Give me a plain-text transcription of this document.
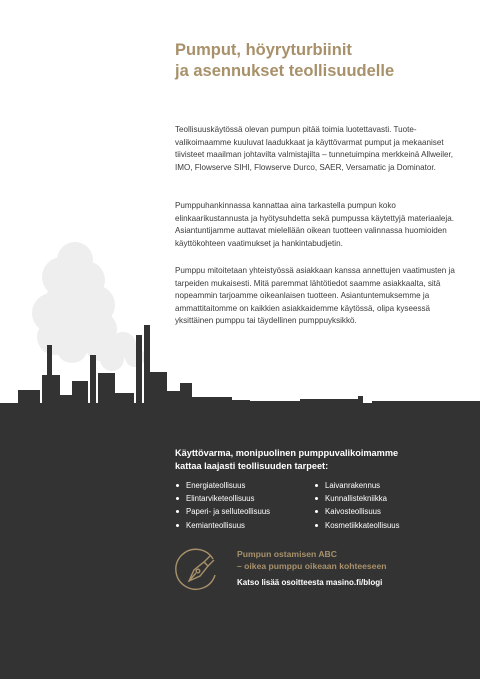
Pumput, höyryturbiinit
ja asennukset teollisuudelle

Teollisuuskäytössä olevan pumpun pitää toimia luotettavasti. Tuotevalikoimaamme kuuluvat laadukkaat ja käyttövarmat pumput ja mekaaniset tiivisteet maailman johtavilta valmistajilta – tunnetuimpina merkkeinä Allweiler, IMO, Flowserve SIHI, Flowserve Durco, SAER, Versamatic ja Dominator.

Pumppuhankinnassa kannattaa aina tarkastella pumpun koko elinkaarikustannusta ja hyötysuhdetta sekä pumpussa käytettyjä materiaaleja. Asiantuntijamme auttavat mielellään oikean tuotteen valinnassa huomioiden käyttökohteen vaatimukset ja hankintabudjetin.

Pumppu mitoitetaan yhteistyössä asiakkaan kanssa annettujen vaatimusten ja tarpeiden mukaisesti. Mitä paremmat lähtötiedot saamme asiakkaalta, sitä nopeammin tarjoamme oikeanlaisen tuotteen. Asiantuntemuksemme ja ammattitaitomme on kaikkien asiakkaidemme käytössä, olipa kyseessä yksittäinen pumppu tai täydellinen pumppuyksikkö.

Käyttövarma, monipuolinen pumppuvalikoimamme
kattaa laajasti teollisuuden tarpeet:
Energiateollisuus
Elintarviketeollisuus
Paperi- ja selluteollisuus
Kemianteollisuus
Laivanrakennus
Kunnallistekniikka
Kaivosteollisuus
Kosmetiikkateollisuus
Pumpun ostamisen ABC
– oikea pumppu oikeaan kohteeseen
Katso lisää osoitteesta masino.fi/blogi
